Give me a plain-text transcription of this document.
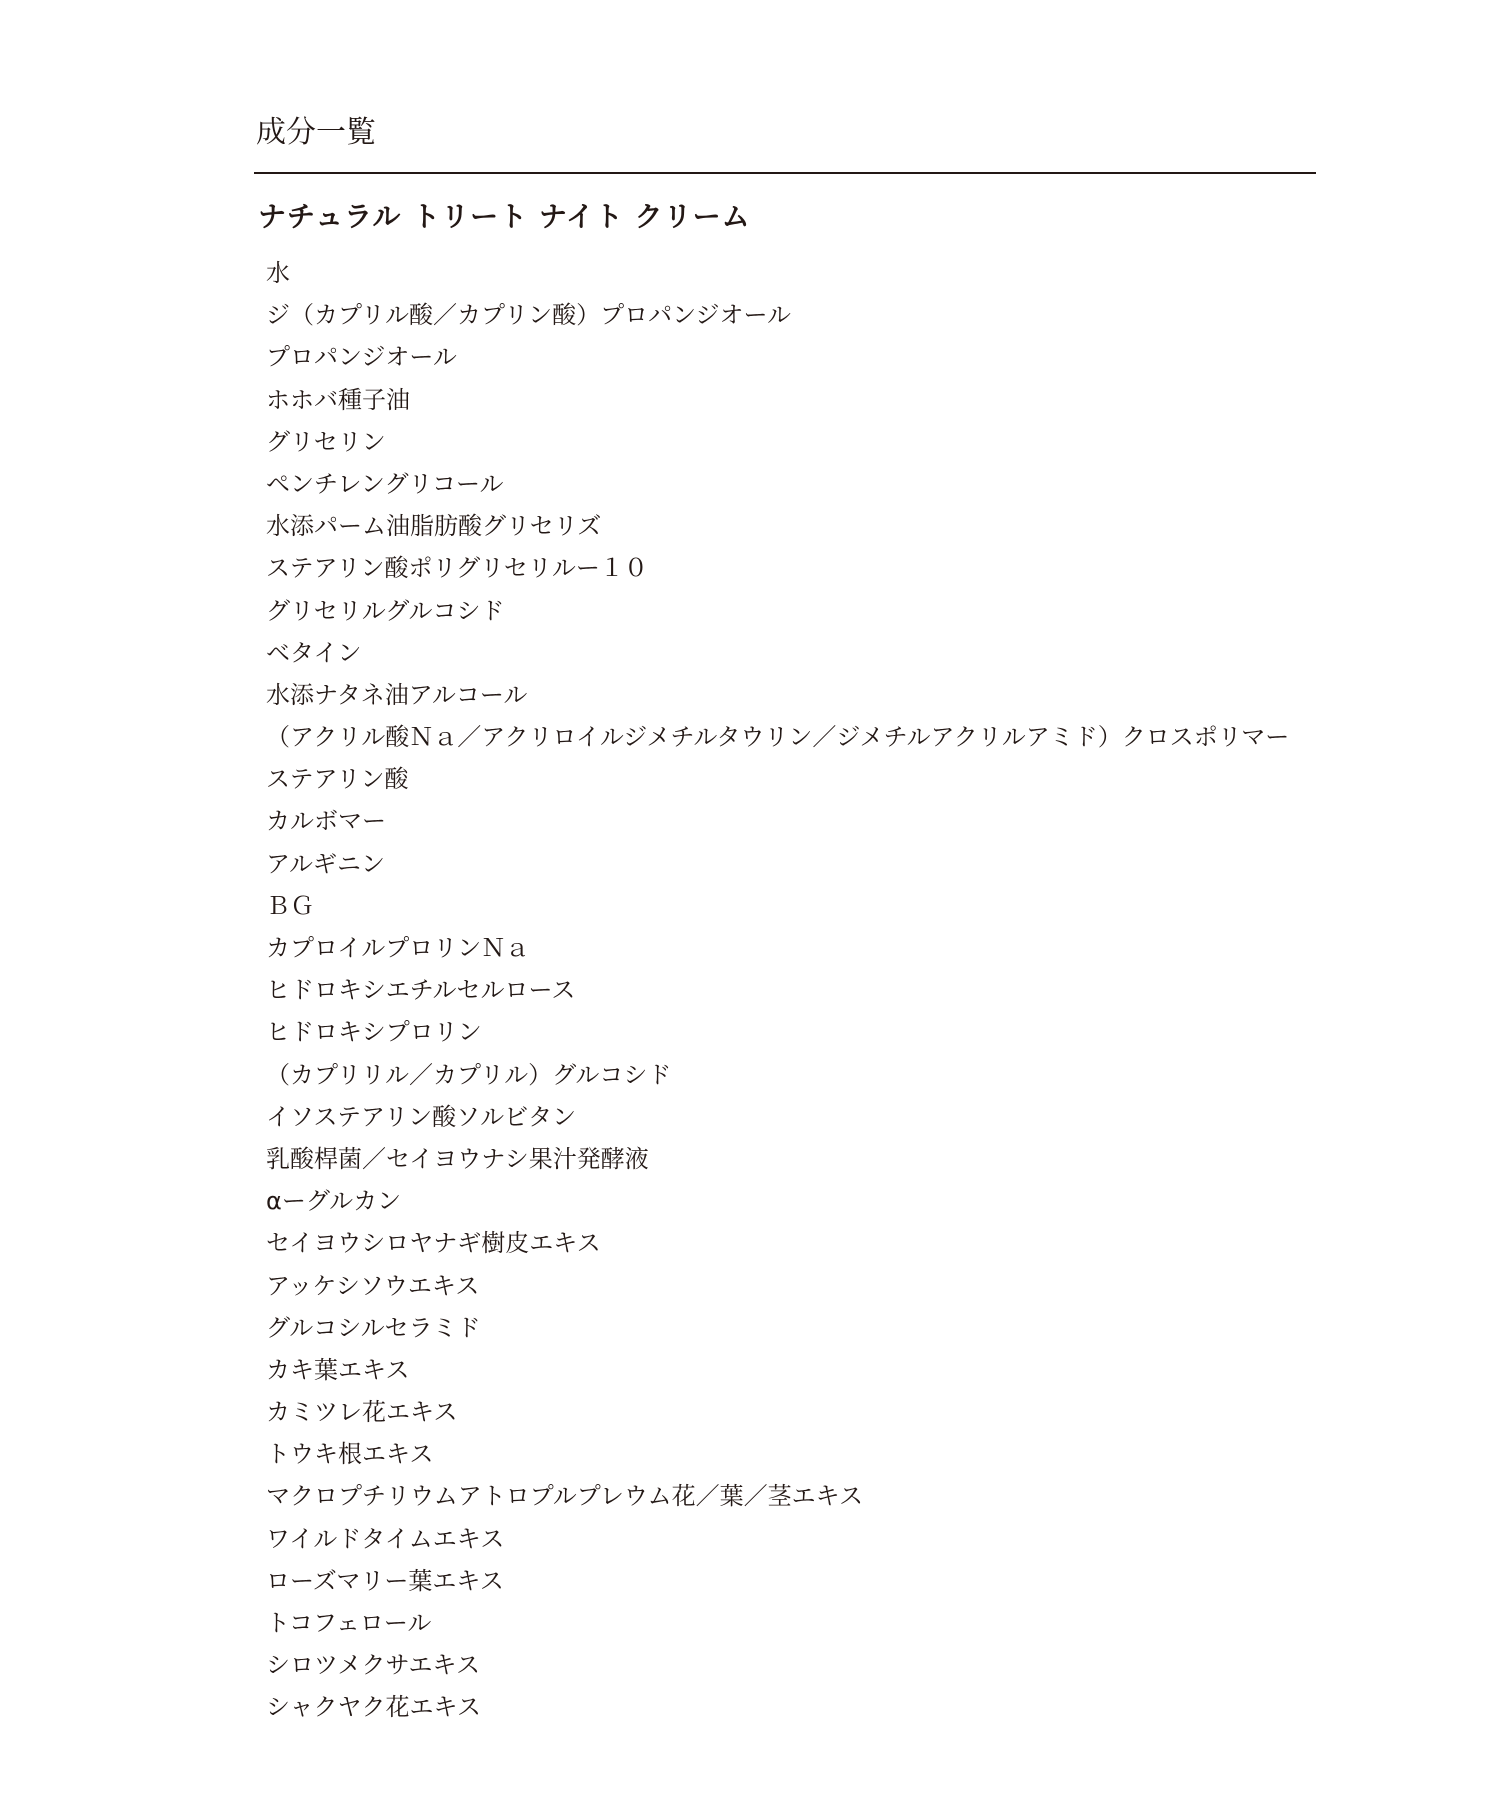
成分一覧
ナチュラル トリート ナイト クリーム
水
ジ（カプリル酸／カプリン酸）プロパンジオール
プロパンジオール
ホホバ種子油
グリセリン
ペンチレングリコール
水添パーム油脂肪酸グリセリズ
ステアリン酸ポリグリセリルー１０
グリセリルグルコシド
ベタイン
水添ナタネ油アルコール
（アクリル酸Ｎａ／アクリロイルジメチルタウリン／ジメチルアクリルアミド）クロスポリマー
ステアリン酸
カルボマー
アルギニン
ＢＧ
カプロイルプロリンＮａ
ヒドロキシエチルセルロース
ヒドロキシプロリン
（カプリリル／カプリル）グルコシド
イソステアリン酸ソルビタン
乳酸桿菌／セイヨウナシ果汁発酵液
αーグルカン
セイヨウシロヤナギ樹皮エキス
アッケシソウエキス
グルコシルセラミド
カキ葉エキス
カミツレ花エキス
トウキ根エキス
マクロプチリウムアトロプルプレウム花／葉／茎エキス
ワイルドタイムエキス
ローズマリー葉エキス
トコフェロール
シロツメクサエキス
シャクヤク花エキス
